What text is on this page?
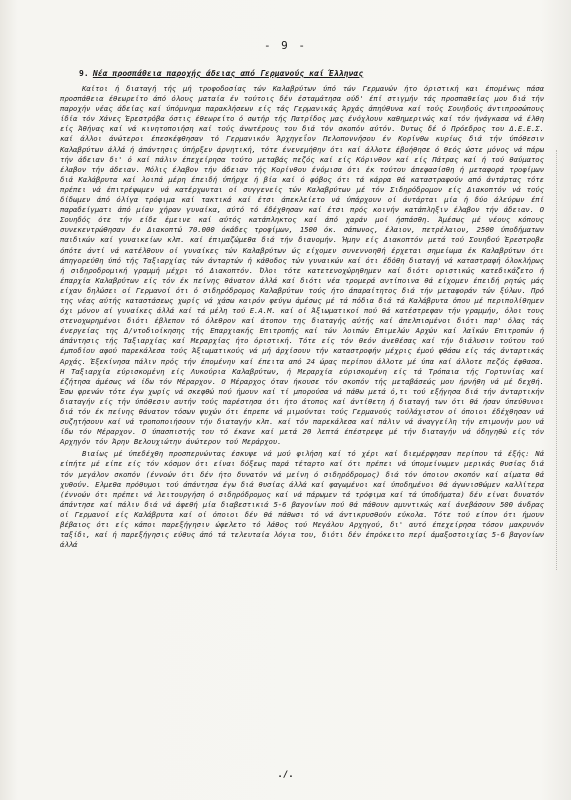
- 9 -
9. Νέα προσπάθεια παροχής άδειας από Γερμανούς καί Έλληνας

Καίτοι ή διαταγή τής μή τροφοδοσίας τών Καλαβρύτων ύπό τών Γερμανών ήτο όριστική και έπομένως πάσα προσπάθεια έθεωρείτο άπό όλους ματαία έν τούτοις δέν έσταμάτησα ούδ' έπί στιγμήν τάς προσπαθείας μου διά τήν παροχήν νέας άδείας καί ύπόμνημα παρακλήσεων είς τάς Γερμανικάς Άρχάς άπηύθυνα καί τούς Σουηδούς άντιπροσώπους ίδία τόν Χάνες Έρεστρόβα όστις έθεωρείτο ό σωτήρ τής Πατρίδος μας ένόχλουν καθημερινώς καί τόν ήνάγκασα νά έλθη είς Άθήνας καί νά κινητοποιήση καί τούς άνωτέρους του διά τόν σκοπόν αύτόν. Όντως δέ ό Πρόεδρος του Δ.Ε.Ε.Σ. καί άλλοι άνώτεροι έπεσκέφθησαν τό Γερμανικόν Άρχηγεΐον Πελοποννήσου έν Κορίνθω κυρίως διά τήν ύπόθεσιν Καλαβρύτων άλλά ή άπάντησις ύπήρξεν άρνητική, τότε ένενεμήθην ότι καί άλλοτε έβοήθησε ό Θεός ώστε μόνος νά πάρω τήν άδειαν δι' ό καί πάλιν έπεχείρησα τούτο μεταβάς πεζός καί είς Κόρινθον καί είς Πάτρας καί ή τού θαύματος έλαβον τήν άδειαν. Μόλις έλαβον τήν άδειαν τής Κορίνθου ένόμισα ότι έκ τούτου άπεφασίσθη ή μεταφορά τροφίμων διά Καλάβρυτα καί λοιπά μέρη έπειδή ύπήρχε ή βία καί ό φόβος ότι τά κάρρα θά καταστραφούν από άντάρτας τότε πρέπει νά έπιτρέψωμεν νά κατέρχωνται οί συγγενείς τών Καλαβρύτων μέ τόν Σιδηρόδρομον είς Διακοπτόν νά τούς δίδωμεν άπό όλίγα τρόφιμα καί τακτικά καί έτσι άπεκλείετο νά ύπάρχουν οί άντάρται μία ή δύο άλεύρων έπί παραδείγματι άπό μίαν χήραν γυναίκα, αύτό τό έδέχθησαν καί έτσι πρός κοινήν κατάπληξιν έλαβον τήν άδειαν. Ο Σουηδός ότε τήν είδε έμεινε καί αύτός κατάπληκτος καί άπό χαράν μοί ήσπάσθη. Άμέσως μέ νέους κόπους συνεκεντρώθησαν έν Διακοπτώ 70.000 όκάδες τροφίμων, 1500 όκ. σάπωνος, έλαιον, πετρέλαιον, 2500 ύποδήματων παιδικών καί γυναικείων κλπ. καί έπιμαζώμεθα διά τήν διανομήν. Ήμην είς Διακοπτόν μετά τού Σουηδού Έρεστροβε όπότε άντί νά κατέλθουν οί γυναίκες τών Καλαβρύτων ώς είχομεν συνεννοηθή έρχεται σημείωμα έκ Καλαβρύτων ότι άπηγορεύθη ύπό τής Ταξιαρχίας τών άνταρτών ή κάθοδος τών γυναικών καί ότι έδόθη διαταγή νά καταστραφή όλοκλήρως ή σιδηροδρομική γραμμή μέχρι τό Διακοπτόν. Όλοι τότε κατετενοχώρηθημεν καί διότι οριστικώς κατεδικάζετο ή έπαρχία Καλαβρύτων είς τόν έκ πείνης θάνατον άλλά καί διότι νέα τρομερά αντίποινα θά είχομεν έπειδή ρητώς μάς είχαν δηλώσει οί Γερμανοί ότι ό σιδηρόδρομος Καλαβρύτων τούς ήτο άπαραίτητος διά τήν μεταφοράν τών ξύλων. Πρό της νέας αύτής καταστάσεως χωρίς νά χάσω καιρόν φεύγω άμέσως μέ τά πόδια διά τά Καλάβρυτα όπου μέ περιπολίθημεν όχι μόνον αί γυναίκες άλλά καί τά μέλη τού Ε.Α.Μ. καί οί Άξιωματικοί πού θά κατέστρεφαν τήν γραμμήν, όλοι τους στενοχωρημένοι διότι έβλεπον τό όλεθρον καί άτοπον της διαταγής αύτής καί άπελπισμένοι διότι παρ' όλας τάς ένεργείας της Δ/ντοδιοίκησης τής Επαρχιακής Επιτροπής καί τών λοιπών Επιμελών Αρχών καί λαϊκών Επιτροπών ή άπάντησις τής Ταξιαρχίας καί Μεραρχίας ήτο όριστική. Τότε είς τόν θεόν άνεθέσας καί τήν διάλυσιν τούτου τού έμποδίου αφού παρεκάλεσα τούς Άξιωματικούς νά μή άρχίσουν τήν καταστροφήν μέχρις έμού φθάσω είς τάς άνταρτικάς Αρχάς. Έξεκίνησα πάλιν πρός τήν έπομένην καί έπειτα από 24 ώρας περίπου άλλοτε μέ ύπα καί άλλοτε πεζός έφθασα. Η Ταξιαρχία εύρισκομένη είς Λυκούρια Καλαβρύτων, ή Μεραρχία εύρισκομένη είς τά Τρόπαια τής Γορτυνίας καί έζήτησα άμέσως νά ίδω τόν Μέραρχον. Ο Μέραρχος όταν ήκουσε τόν σκοπόν τής μεταβάσεώς μου ήρνήθη νά μέ δεχθή. Έσω φρενών τότε έγω χωρίς νά σκεφθώ πού ήμουν καί τί μπορούσα νά πάθω μετά ό,τι τού εξήγησα διά τήν άνταρτικήν διαταγήν είς τήν ύπόθεσιν αυτήν τούς παρέστησα ότι ήτο άτοπος καί άντίθετη ή διαταγή των ότι θά ήσαν ύπεύθυνοι διά τόν έκ πείνης θάνατον τόσων ψυχών ότι έπρεπε νά μιμούνται τούς Γερμανούς τούλάχιστον οί όποιοι έδέχθησαν νά συζητήσουν καί νά τροποποιήσουν τήν διαταγήν κλπ. καί τόν παρεκάλεσα καί πάλιν νά άναγγείλη τήν επιμονήν μου νά ίδω τόν Μέραρχον. Ο ύπασπιστής του τό έκανε καί μετά 20 λεπτά έπέστρεψε μέ τήν διαταγήν νά όδηγηθώ είς τόν Αρχηγόν τόν Άρην Βελουχιώτην άνώτερον τού Μεράρχου.

Βιαίως μέ ύπεδέχθη προσπερνώντας έσκυψε νά μού φιλήση καί τό χέρι καί διεμέρφησαν περίπου τά έξής: Νά είπήτε μέ είπε είς τόν κόσμον ότι είναι δόξεως παρά τέταρτο καί ότι πρέπει νά ύπομείνωμεν μερικάς θυσίας διά τόν μεγάλον σκοπόν (έννοών ότι δέν ήτο δυνατόν νά μείνη ό σιδηρόδρομος) διά τόν όποιον σκοπόν καί αίματα θά χυθούν. Ελμεθα πρόθυμοι τού άπάντησα έγω διά θυσίας άλλά καί φαγωμένοι καί ύποδημένοι θά άγωνισθώμεν καλλίτερα (έννοών ότι πρέπει νά λειτουργήση ό σιδηρόδρομος καί νά πάρωμεν τά τρόφιμα καί τά ύποδήματα) δέν είναι δυνατόν άπάντησε καί πάλιν διά νά άφεθή μία διαβεστικιά 5-6 βαγονίων πού θά πάθουν αμυντικώς καί άνεβάσουν 500 άνδρας οί Γερμανοί είς Καλάβρυτα καί οί όποιοι δέν θά πάθωσι τό νά άντικρυσθούν εύκολα. Τότε τού είπον ότι ήμουν βέβαιος ότι είς κάποι παρεξήγησιν ώφελετο τό λάθος τού Μεγάλου Αρχηγού, δι' αυτό έπεχείρησα τόσον μακρυνόν ταξίδι, καί ή παρεξήγησις εύθυς άπό τά τελευταία λόγια του, διότι δέν έπρόκειτο περί άμαξοστοιχίας 5-6 βαγονίων άλλά

./.
